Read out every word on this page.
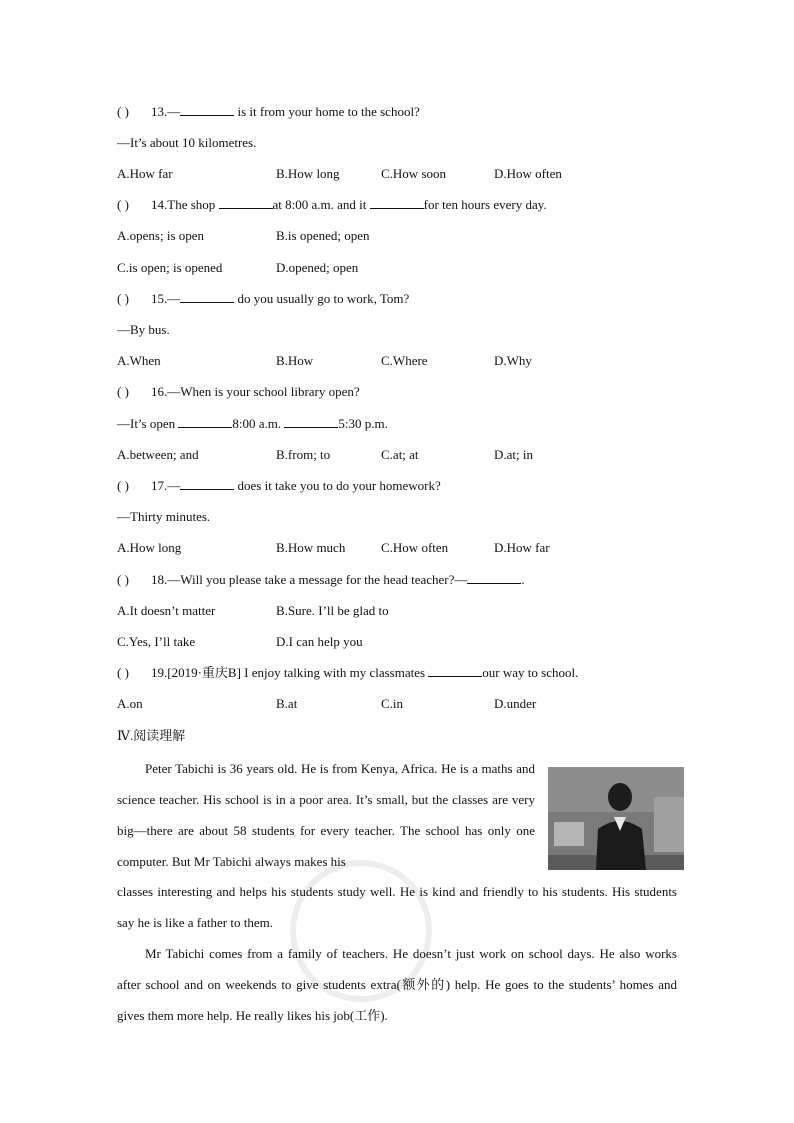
( ) 13.—	is it from your home to the school?
—It’s about 10 kilometres.
A.How far	B.How long	C.How soon	D.How often
( ) 14.The shop	at 8:00 a.m. and it	for ten hours every day.
A.opens; is open	B.is opened; open
C.is open; is opened	D.opened; open
( ) 15.—	do you usually go to work, Tom?
—By bus.
A.When	B.How	C.Where	D.Why
( ) 16.—When is your school library open?
—It’s open	8:00 a.m.	5:30 p.m.
A.between; and	B.from; to	C.at; at	D.at; in
( ) 17.—	does it take you to do your homework?
—Thirty minutes.
A.How long	B.How much	C.How often	D.How far
( ) 18.—Will you please take a message for the head teacher?—	.
A.It doesn’t matter	B.Sure. I’ll be glad to
C.Yes, I’ll take	D.I can help you
( ) 19.[2019·重庆B] I enjoy talking with my classmates	our way to school.
A.on	B.at	C.in	D.under
Ⅳ.阅读理解

Peter Tabichi is 36 years old. He is from Kenya, Africa. He is a maths and science teacher. His school is in a poor area. It’s small, but the classes are very big—there are about 58 students for every teacher. The school has only one computer. But Mr Tabichi always makes his

classes interesting and helps his students study well. He is kind and friendly to his students. His students say he is like a father to them.

Mr Tabichi comes from a family of teachers. He doesn’t just work on school days. He also works after school and on weekends to give students extra(额外的) help. He goes to the students’ homes and gives them more help. He really likes his job(工作).
